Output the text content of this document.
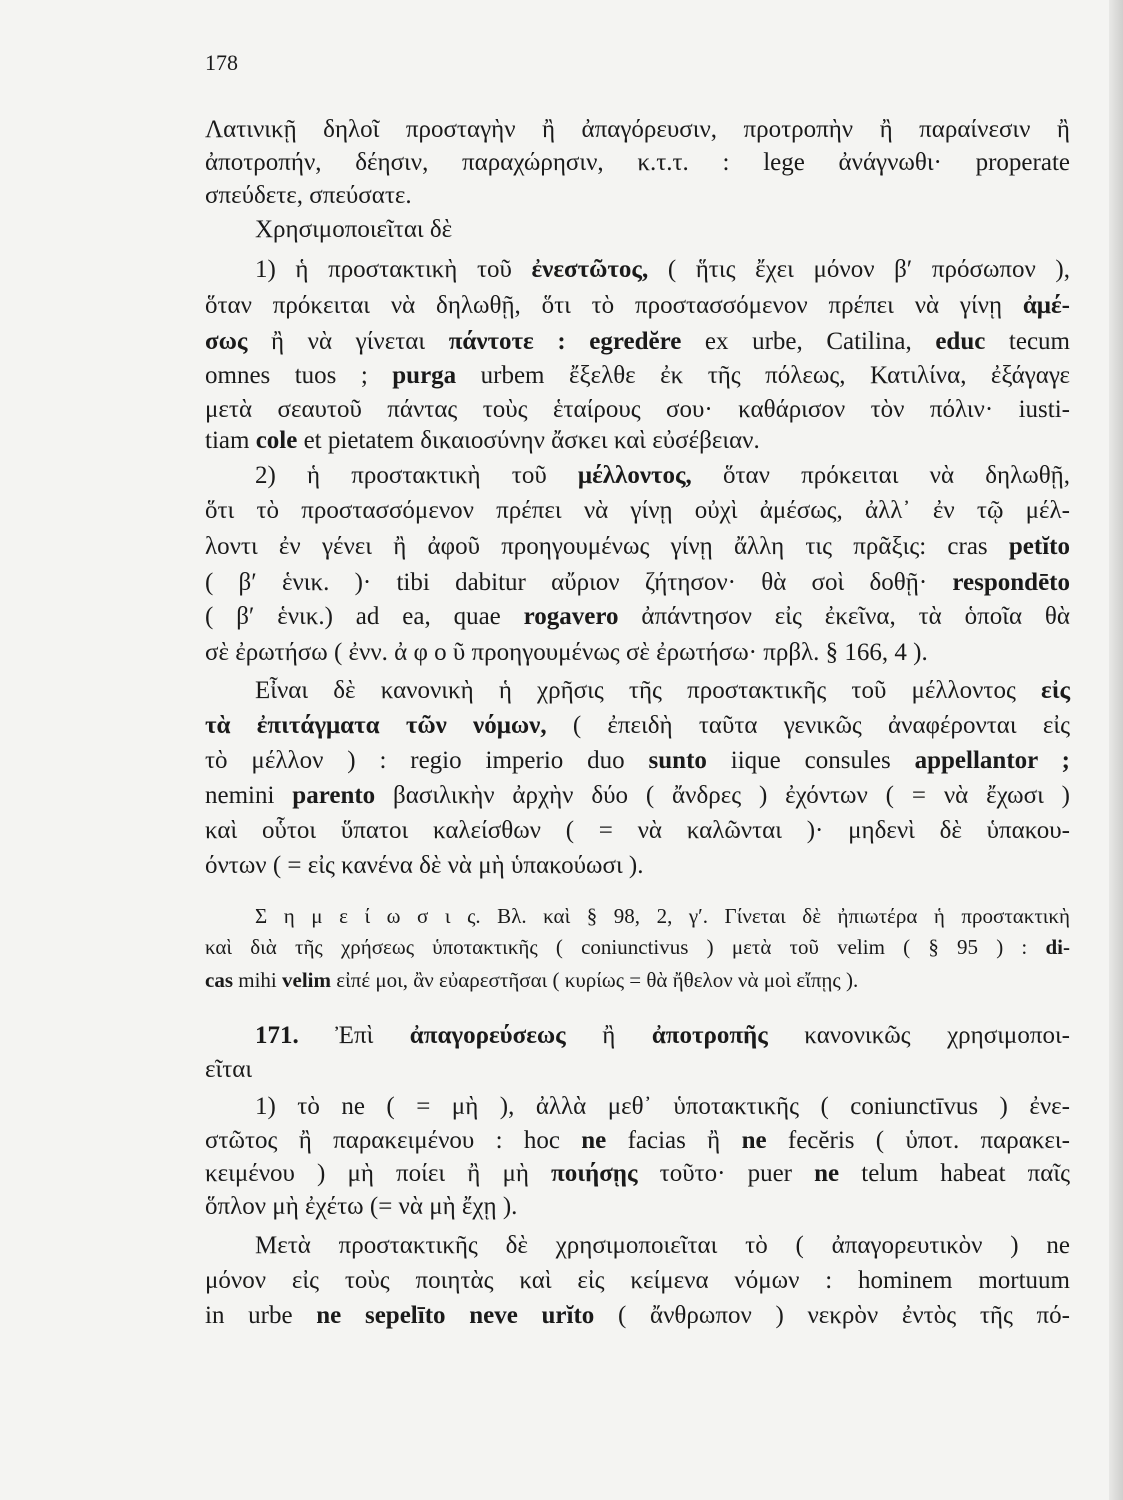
178
Λατινικῇ δηλοῖ προσταγὴν ἢ ἀπαγόρευσιν, προτροπὴν ἢ παραίνεσιν ἢ
ἀποτροπήν, δέησιν, παραχώρησιν, κ.τ.τ. : lege ἀνάγνωθι· properate
σπεύδετε, σπεύσατε.
Χρησιμοποιεῖται δὲ
1) ἡ προστακτικὴ τοῦ ἐνεστῶτος, ( ἥτις ἔχει μόνον β′ πρόσωπον ),
ὅταν πρόκειται νὰ δηλωθῇ, ὅτι τὸ προστασσόμενον πρέπει νὰ γίνῃ ἀμέ-
σως ἢ νὰ γίνεται πάντοτε : egredĕre ex urbe, Catilina, educ tecum
omnes tuos ; purga urbem ἔξελθε ἐκ τῆς πόλεως, Κατιλίνα, ἐξάγαγε
μετὰ σεαυτοῦ πάντας τοὺς ἑταίρους σου· καθάρισον τὸν πόλιν· iusti-
tiam cole et pietatem δικαιοσύνην ἄσκει καὶ εὐσέβειαν.
2) ἡ προστακτικὴ τοῦ μέλλοντος, ὅταν πρόκειται νὰ δηλωθῇ,
ὅτι τὸ προστασσόμενον πρέπει νὰ γίνῃ οὐχὶ ἀμέσως, ἀλλ᾽ ἐν τῷ μέλ-
λοντι ἐν γένει ἢ ἀφοῦ προηγουμένως γίνῃ ἄλλη τις πρᾶξις: cras petĭto
( β′ ἑνικ. )· tibi dabitur αὔριον ζήτησον· θὰ σοὶ δοθῇ· respondēto
( β′ ἑνικ.) ad ea, quae rogavero ἀπάντησον εἰς ἐκεῖνα, τὰ ὁποῖα θὰ
σὲ ἐρωτήσω ( ἐνν. ἀ φ ο ῦ προηγουμένως σὲ ἐρωτήσω· πρβλ. § 166, 4 ).
Εἶναι δὲ κανονικὴ ἡ χρῆσις τῆς προστακτικῆς τοῦ μέλλοντος εἰς
τὰ ἐπιτάγματα τῶν νόμων, ( ἐπειδὴ ταῦτα γενικῶς ἀναφέρονται εἰς
τὸ μέλλον ) : regio imperio duo sunto iique consules appellantor ;
nemini parento βασιλικὴν ἀρχὴν δύο ( ἄνδρες ) ἐχόντων ( = νὰ ἔχωσι )
καὶ οὗτοι ὕπατοι καλείσθων ( = νὰ καλῶνται )· μηδενὶ δὲ ὑπακου-
όντων ( = εἰς κανένα δὲ νὰ μὴ ὑπακούωσι ).
Σ η μ ε ί ω σ ι ς. Βλ. καὶ § 98, 2, γ′. Γίνεται δὲ ἠπιωτέρα ἡ προστακτικὴ
καὶ διὰ τῆς χρήσεως ὑποτακτικῆς ( coniunctivus ) μετὰ τοῦ velim ( § 95 ) : di-
cas mihi velim εἰπέ μοι, ἂν εὐαρεστῆσαι ( κυρίως = θὰ ἤθελον νὰ μοὶ εἴπῃς ).
171. Ἐπὶ ἀπαγορεύσεως ἢ ἀποτροπῆς κανονικῶς χρησιμοποι-
εῖται
1) τὸ ne ( = μὴ ), ἀλλὰ μεθ᾽ ὑποτακτικῆς ( coniunctīvus ) ἐνε-
στῶτος ἢ παρακειμένου : hoc ne facias ἢ ne fecĕris ( ὑποτ. παρακει-
κειμένου ) μὴ ποίει ἢ μὴ ποιήσῃς τοῦτο· puer ne telum habeat παῖς
ὅπλον μὴ ἐχέτω (= νὰ μὴ ἔχῃ ).
Μετὰ προστακτικῆς δὲ χρησιμοποιεῖται τὸ ( ἀπαγορευτικὸν ) ne
μόνον εἰς τοὺς ποιητὰς καὶ εἰς κείμενα νόμων : hominem mortuum
in urbe ne sepelīto neve urĭto ( ἄνθρωπον ) νεκρὸν ἐντὸς τῆς πό-
